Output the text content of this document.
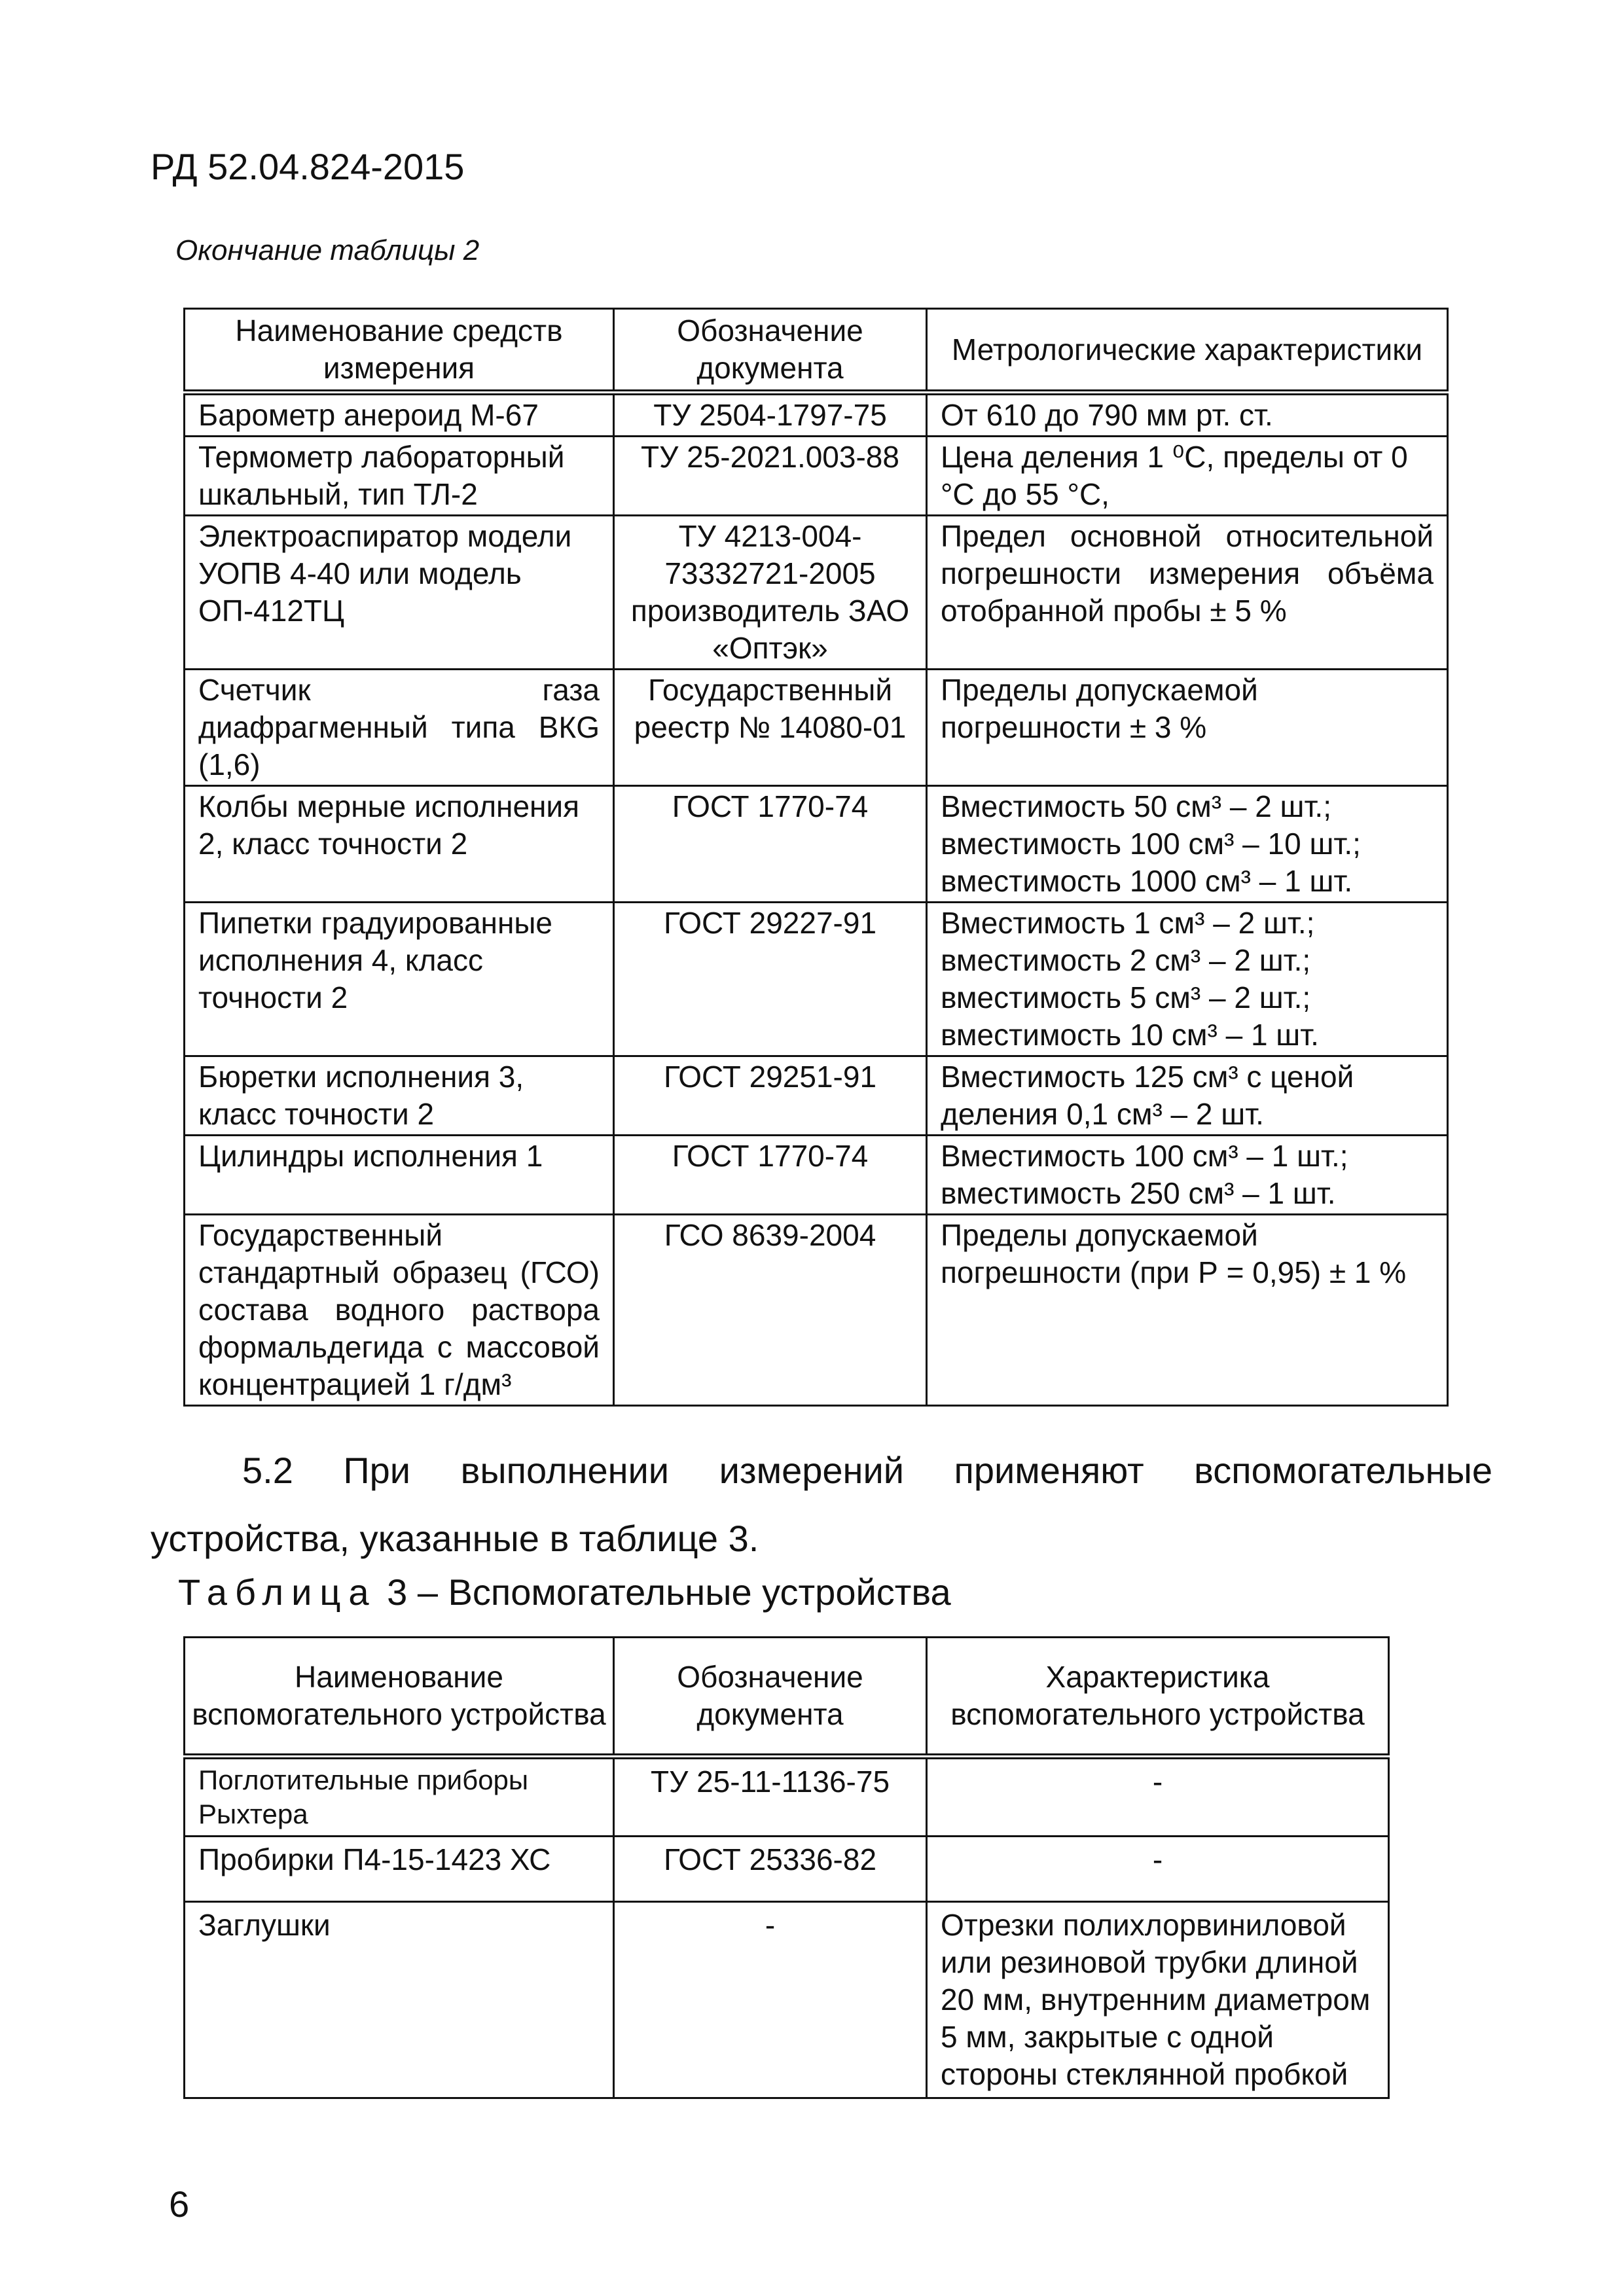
РД 52.04.824-2015
Окончание таблицы 2
Наименование средств измерения	Обозначение документа	Метрологические характеристики
Барометр анероид М-67	ТУ 2504-1797-75	От 610 до 790 мм рт. ст.
Термометр лабораторный шкальный, тип ТЛ-2	ТУ 25-2021.003-88	Цена деления 1 ⁰С, пределы от 0 °С до 55 °С,
Электроаспиратор модели УОПВ 4-40 или модель ОП-412ТЦ	ТУ 4213-004-73332721-2005 производитель ЗАО «Оптэк»	Предел основной относительной погрешности измерения объёма отобранной пробы ± 5 %
Счетчик газа диафрагменный типа ВКG (1,6)	Государственный реестр № 14080-01	Пределы допускаемой погрешности ± 3 %
Колбы мерные исполнения 2, класс точности 2	ГОСТ 1770-74	Вместимость 50 см³ – 2 шт.; вместимость 100 см³ – 10 шт.; вместимость 1000 см³ – 1 шт.
Пипетки градуированные исполнения 4, класс точности 2	ГОСТ 29227-91	Вместимость 1 см³ – 2 шт.; вместимость 2 см³ – 2 шт.; вместимость 5 см³ – 2 шт.; вместимость 10 см³ – 1 шт.
Бюретки исполнения 3, класс точности 2	ГОСТ 29251-91	Вместимость 125 см³ с ценой деления 0,1 см³ – 2 шт.
Цилиндры исполнения 1	ГОСТ 1770-74	Вместимость 100 см³ – 1 шт.; вместимость 250 см³ – 1 шт.
Государственный стандартный образец (ГСО) состава водного раствора формальдегида с массовой концентрацией 1 г/дм³	ГСО 8639-2004	Пределы допускаемой погрешности (при Р = 0,95) ± 1 %
5.2 При выполнении измерений применяют вспомогательные устройства, указанные в таблице 3.
Таблица 3 – Вспомогательные устройства
Наименование вспомогательного устройства	Обозначение документа	Характеристика вспомогательного устройства
Поглотительные приборы Рыхтера	ТУ 25-11-1136-75	-
Пробирки П4-15-1423 ХС	ГОСТ 25336-82	-
Заглушки	-	Отрезки полихлорвиниловой или резиновой трубки длиной 20 мм, внутренним диаметром 5 мм, закрытые с одной стороны стеклянной пробкой
6
